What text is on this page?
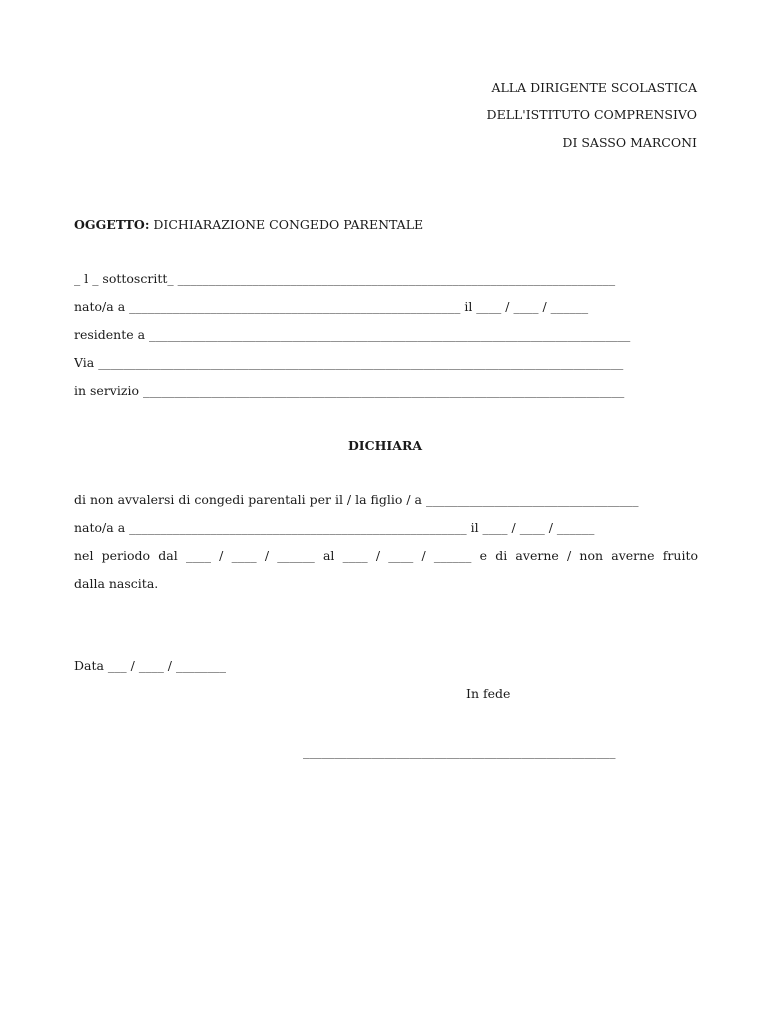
ALLA DIRIGENTE SCOLASTICA
DELL'ISTITUTO COMPRENSIVO
DI SASSO MARCONI
OGGETTO: DICHIARAZIONE CONGEDO PARENTALE
_ l _ sottoscritt_ ______________________________________________________________________
nato/a a _____________________________________________________ il ____ / ____ / ______
residente a _____________________________________________________________________________
Via ____________________________________________________________________________________
in servizio _____________________________________________________________________________
DICHIARA
di non avvalersi di congedi parentali per il / la figlio / a __________________________________
nato/a a ______________________________________________________ il ____ / ____ / ______
nel periodo dal ____ / ____ / ______ al ____ / ____ / ______ e di averne / non averne fruito
dalla nascita.
Data ___ / ____ / ________
In fede
__________________________________________________
